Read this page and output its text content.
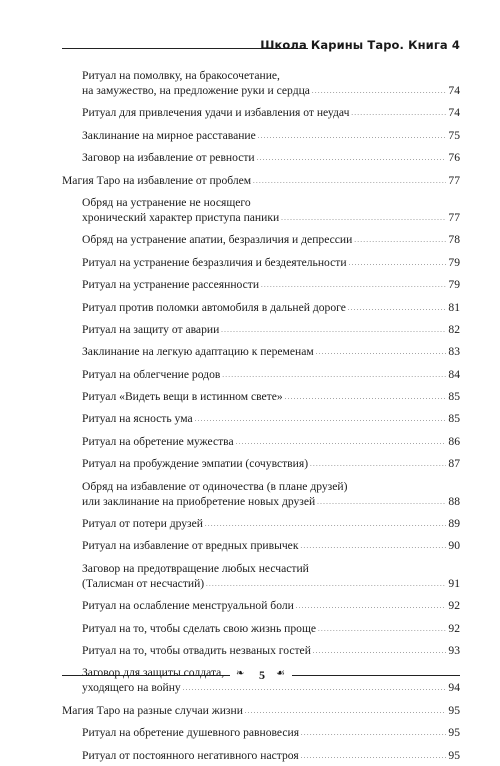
Школа Карины Таро. Книга 4
Ритуал на помолвку, на бракосочетание,
на замужество, на предложение руки и сердца . . .	74
Ритуал для привлечения удачи и избавления от неудач . . .	74
Заклинание на мирное расставание . . .	75
Заговор на избавление от ревности . . .	76
Магия Таро на избавление от проблем . . .	77
Обряд на устранение не носящего
хронический характер приступа паники . . .	77
Обряд на устранение апатии, безразличия и депрессии . . .	78
Ритуал на устранение безразличия и бездеятельности . . .	79
Ритуал на устранение рассеянности . . .	79
Ритуал против поломки автомобиля в дальней дороге . . .	81
Ритуал на защиту от аварии . . .	82
Заклинание на легкую адаптацию к переменам . . .	83
Ритуал на облегчение родов . . .	84
Ритуал «Видеть вещи в истинном свете» . . .	85
Ритуал на ясность ума . . .	85
Ритуал на обретение мужества . . .	86
Ритуал на пробуждение эмпатии (сочувствия) . . .	87
Обряд на избавление от одиночества (в плане друзей)
или заклинание на приобретение новых друзей . . .	88
Ритуал от потери друзей . . .	89
Ритуал на избавление от вредных привычек . . .	90
Заговор на предотвращение любых несчастий
(Талисман от несчастий) . . .	91
Ритуал на ослабление менструальной боли . . .	92
Ритуал на то, чтобы сделать свою жизнь проще . . .	92
Ритуал на то, чтобы отвадить незваных гостей . . .	93
Заговор для защиты солдата,
уходящего на войну . . .	94
Магия Таро на разные случаи жизни . . .	95
Ритуал на обретение душевного равновесия . . .	95
Ритуал от постоянного негативного настроя . . .	95
❧	5	☙
